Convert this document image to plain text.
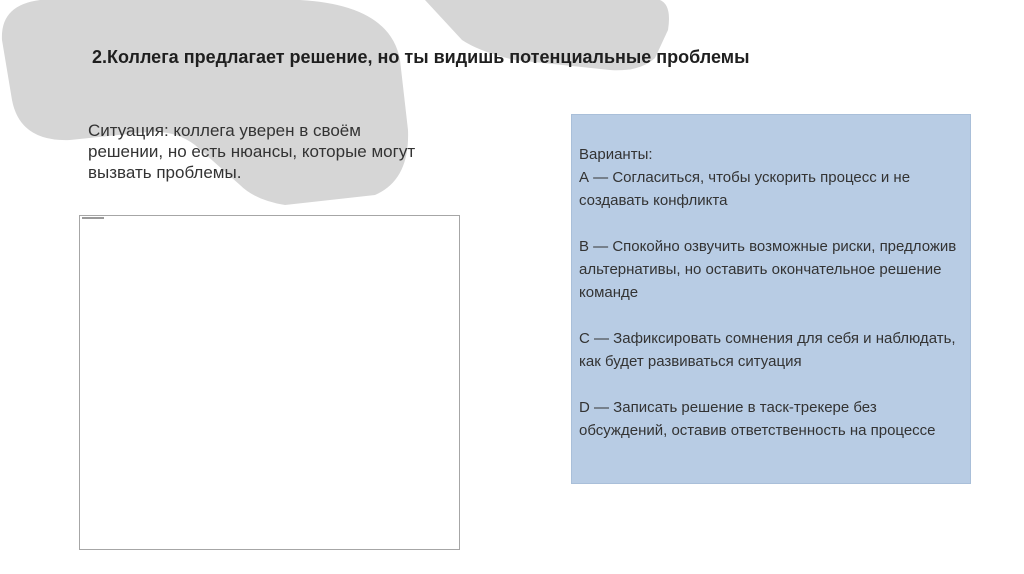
2.Коллега предлагает решение, но ты видишь потенциальные проблемы
Ситуация: коллега уверен в своём решении, но есть нюансы, которые могут вызвать проблемы.
Варианты:
А — Согласиться, чтобы ускорить процесс и не создавать конфликта
B — Спокойно озвучить возможные риски, предложив альтернативы, но оставить окончательное решение команде
C — Зафиксировать сомнения для себя и наблюдать, как будет развиваться ситуация
D — Записать решение в таск-трекере без обсуждений, оставив ответственность на процессе
